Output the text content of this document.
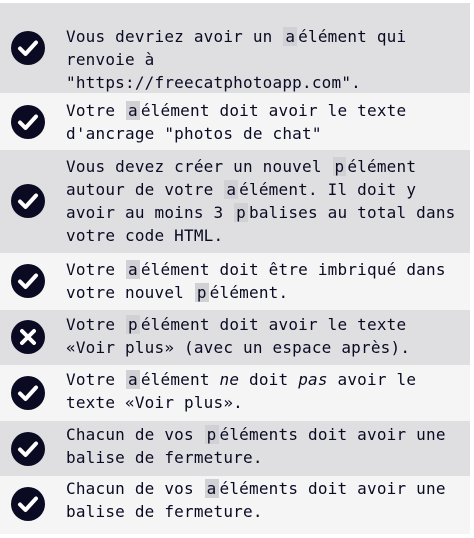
Vous devriez avoir un a élément qui
renvoie à
"https://freecatphotoapp.com".
Votre a élément doit avoir le texte
d'ancrage "photos de chat"
Vous devez créer un nouvel p élément
autour de votre a élément. Il doit y
avoir au moins 3 p balises au total dans
votre code HTML.
Votre a élément doit être imbriqué dans
votre nouvel p élément.
Votre p élément doit avoir le texte
«Voir plus» (avec un espace après).
Votre a élément ne doit pas avoir le
texte «Voir plus».
Chacun de vos p éléments doit avoir une
balise de fermeture.
Chacun de vos a éléments doit avoir une
balise de fermeture.
